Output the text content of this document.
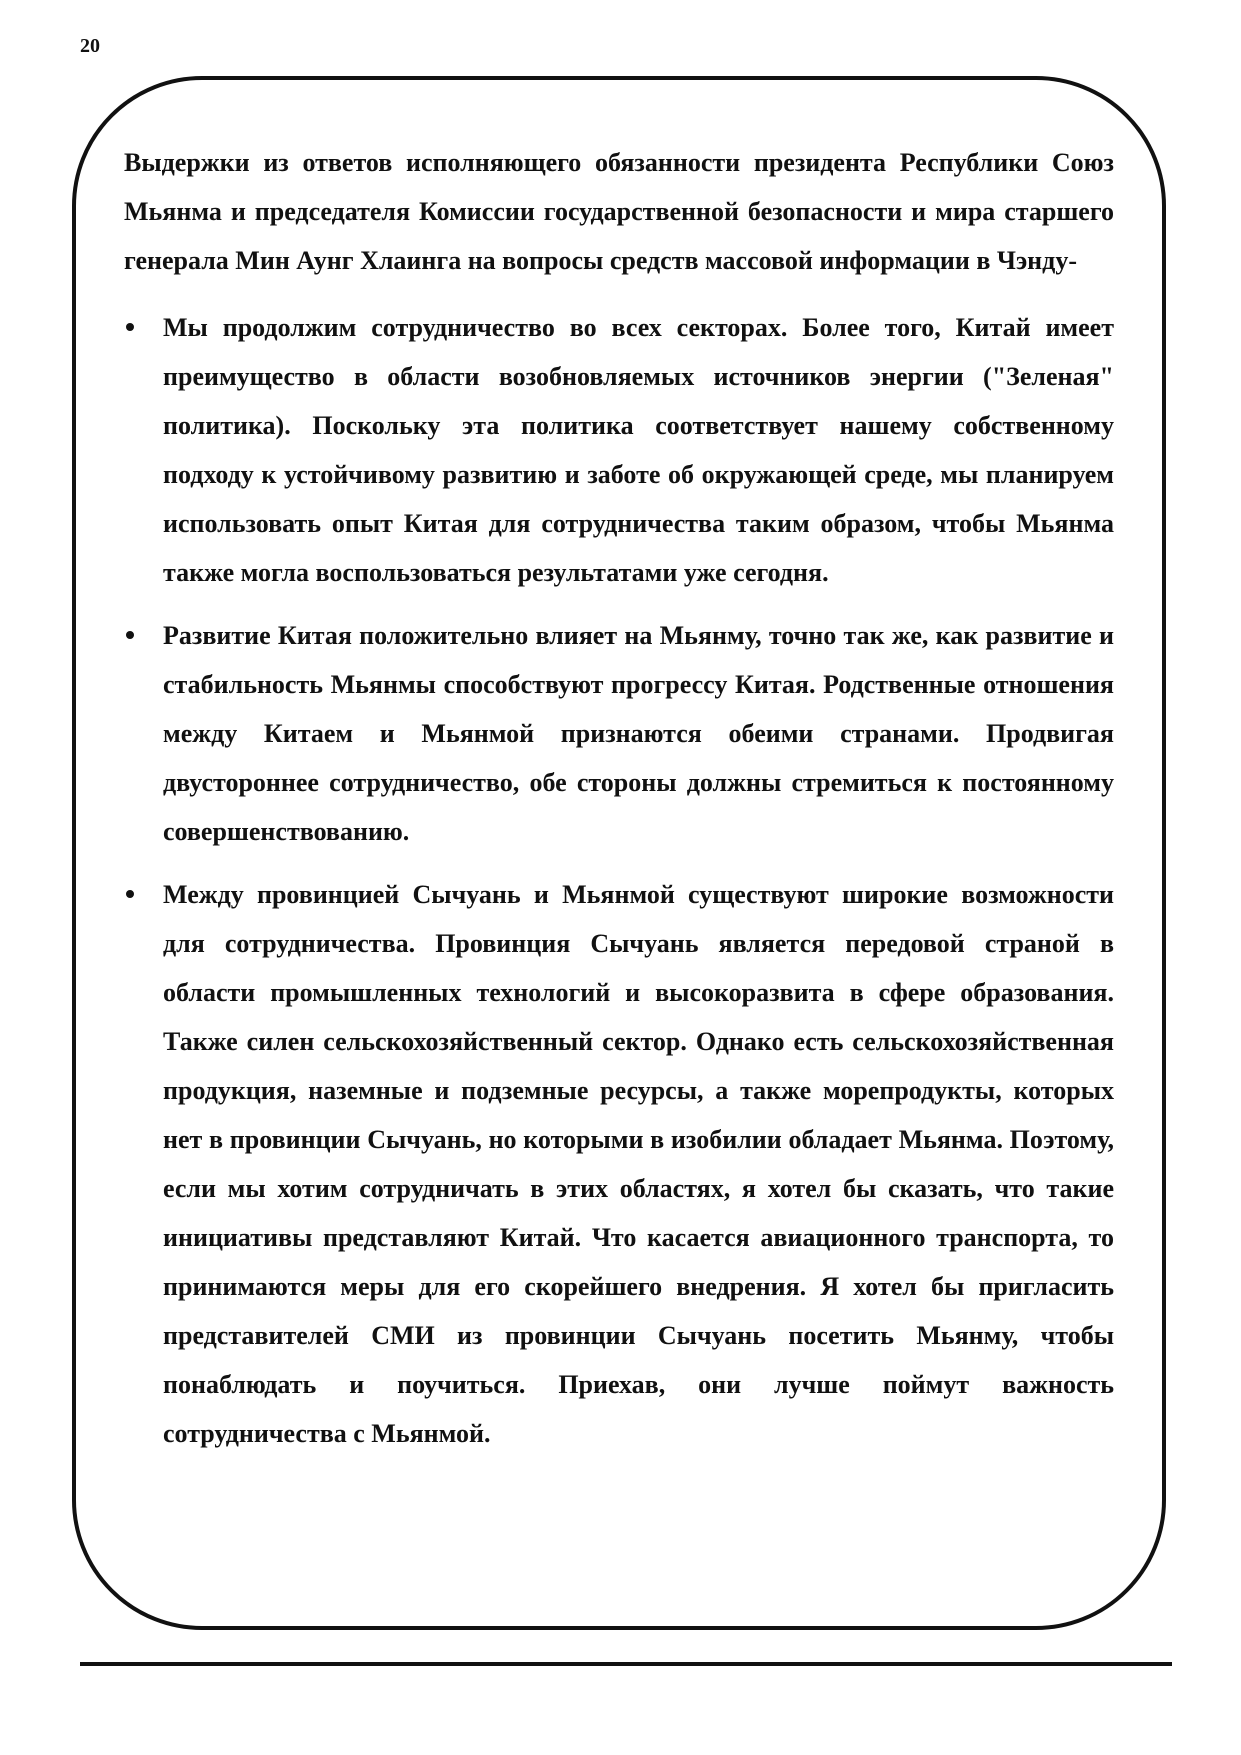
20

Выдержки из ответов исполняющего обязанности президента Республики Союз Мьянма и председателя Комиссии государственной безопасности и мира старшего генерала Мин Аунг Хлаинга на вопросы средств массовой информации в Чэнду-

Мы продолжим сотрудничество во всех секторах. Более того, Китай имеет преимущество в области возобновляемых источников энергии ("Зеленая" политика). Поскольку эта политика соответствует нашему собственному подходу к устойчивому развитию и заботе об окружающей среде, мы планируем использовать опыт Китая для сотрудничества таким образом, чтобы Мьянма также могла воспользоваться результатами уже сегодня.
Развитие Китая положительно влияет на Мьянму, точно так же, как развитие и стабильность Мьянмы способствуют прогрессу Китая. Родственные отношения между Китаем и Мьянмой признаются обеими странами. Продвигая двустороннее сотрудничество, обе стороны должны стремиться к постоянному совершенствованию.
Между провинцией Сычуань и Мьянмой существуют широкие возможности для сотрудничества. Провинция Сычуань является передовой страной в области промышленных технологий и высокоразвита в сфере образования. Также силен сельскохозяйственный сектор. Однако есть сельскохозяйственная продукция, наземные и подземные ресурсы, а также морепродукты, которых нет в провинции Сычуань, но которыми в изобилии обладает Мьянма. Поэтому, если мы хотим сотрудничать в этих областях, я хотел бы сказать, что такие инициативы представляют Китай. Что касается авиационного транспорта, то принимаются меры для его скорейшего внедрения. Я хотел бы пригласить представителей СМИ из провинции Сычуань посетить Мьянму, чтобы понаблюдать и поучиться. Приехав, они лучше поймут важность сотрудничества с Мьянмой.
